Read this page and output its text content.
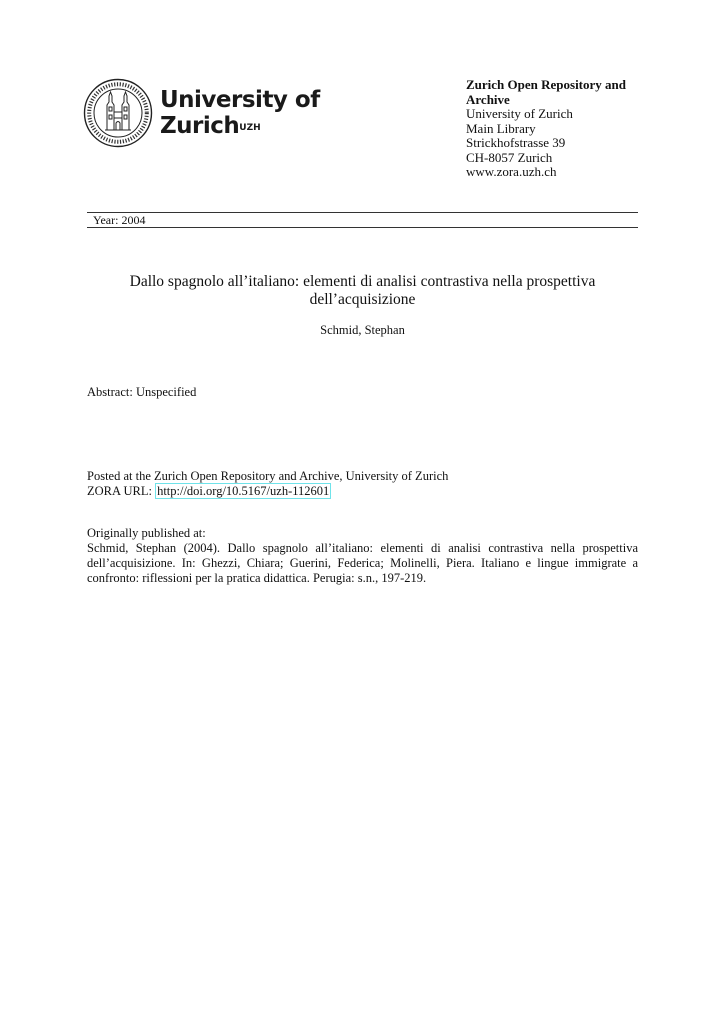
University of
Zurich$^{UZH}$
Zurich Open Repository and
Archive
University of Zurich
Main Library
Strickhofstrasse 39
CH-8057 Zurich
www.zora.uzh.ch
Year: 2004
Dallo spagnolo all’italiano: elementi di analisi contrastiva nella prospettiva
dell’acquisizione
Schmid, Stephan
Abstract: Unspecified
Posted at the Zurich Open Repository and Archive, University of Zurich
ZORA URL: http://doi.org/10.5167/uzh-112601
Originally published at:
Schmid, Stephan (2004). Dallo spagnolo all’italiano: elementi di analisi contrastiva nella prospettiva dell’acquisizione. In: Ghezzi, Chiara; Guerini, Federica; Molinelli, Piera. Italiano e lingue immigrate a confronto: riflessioni per la pratica didattica. Perugia: s.n., 197-219.
